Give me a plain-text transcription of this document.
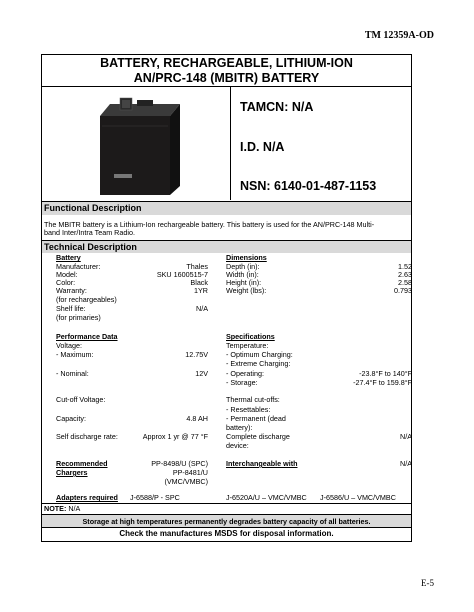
TM 12359A-OD
BATTERY, RECHARGEABLE, LITHIUM-ION
AN/PRC-148 (MBITR) BATTERY
TAMCN: N/A
I.D. N/A
NSN: 6140-01-487-1153
Functional Description
The MBITR battery is a Lithium-Ion rechargeable battery. This battery is used for the AN/PRC-148 Multi-
band Inter/Intra Team Radio.
Technical Description
Battery
Manufacturer:	Thales
Model:	SKU 1600515-7
Color:	Black
Warranty:	1YR
(for rechargeables)
Shelf life:	N/A
(for primaries)
Dimensions
Depth (in):	1.52
Width (in):	2.63
Height (in):	2.58
Weight (lbs):	0.793
Performance Data
Voltage:
- Maximum:	12.75V
- Nominal:	12V
Cut-off Voltage:
Capacity:	4.8 AH
Self discharge rate:	Approx 1 yr @ 77 °F
Specifications
Temperature:
- Optimum Charging:
- Extreme Charging:
- Operating:	-23.8°F to 140°F
- Storage:	-27.4°F to 159.8°F
Thermal cut-offs:
- Resettables:
- Permanent (dead
battery):
Complete discharge	N/A
device:
Recommended
Chargers
PP-8498/U (SPC)
PP-8481/U
(VMC/VMBC)
Interchangeable with	N/A
Adapters required J-6588/P - SPC	J-6520A/U – VMC/VMBC J-6586/U – VMC/VMBC
NOTE: N/A
Storage at high temperatures permanently degrades battery capacity of all batteries.
Check the manufactures MSDS for disposal information.
E-5
